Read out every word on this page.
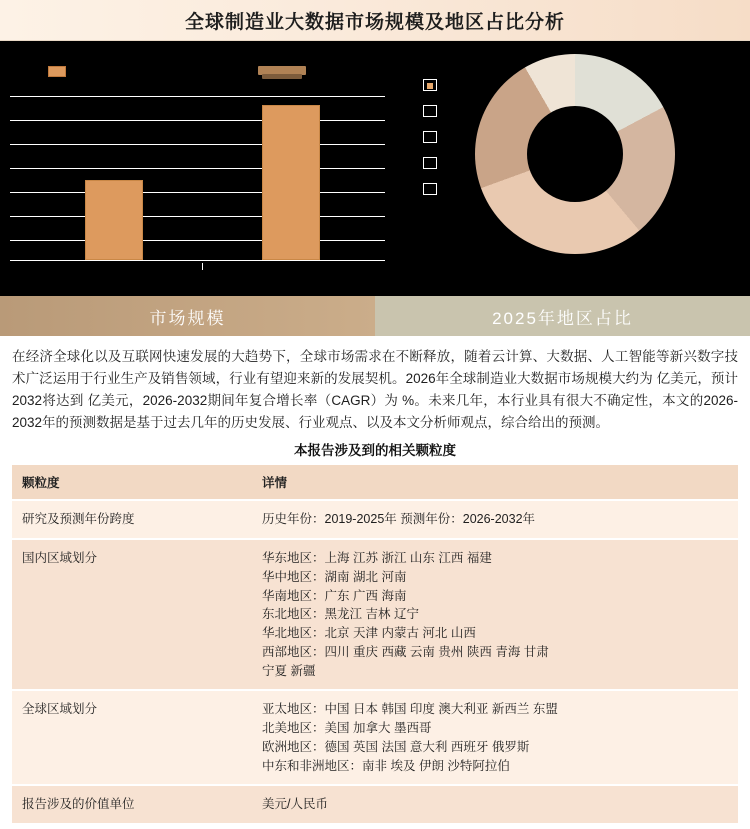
全球制造业大数据市场规模及地区占比分析
市场规模	2025年地区占比
在经济全球化以及互联网快速发展的大趋势下，全球市场需求在不断释放，随着云计算、大数据、人工智能等新兴数字技术广泛运用于行业生产及销售领域，行业有望迎来新的发展契机。2026年全球制造业大数据市场规模大约为 亿美元，预计2032将达到 亿美元，2026-2032期间年复合增长率（CAGR）为 %。未来几年，本行业具有很大不确定性，本文的2026-2032年的预测数据是基于过去几年的历史发展、行业观点、以及本文分析师观点，综合给出的预测。
本报告涉及到的相关颗粒度
颗粒度	详情
研究及预测年份跨度	历史年份：2019-2025年 预测年份：2026-2032年

国内区域划分	华东地区：上海 江苏 浙江 山东 江西 福建
华中地区：湖南 湖北 河南
华南地区：广东 广西 海南
东北地区：黑龙江 吉林 辽宁
华北地区：北京 天津 内蒙古 河北 山西
西部地区：四川 重庆 西藏 云南 贵州 陕西 青海 甘肃
宁夏 新疆

全球区域划分	亚太地区：中国 日本 韩国 印度 澳大利亚 新西兰 东盟
北美地区：美国 加拿大 墨西哥
欧洲地区：德国 英国 法国 意大利 西班牙 俄罗斯
中东和非洲地区：南非 埃及 伊朗 沙特阿拉伯

报告涉及的价值单位	美元/人民币
